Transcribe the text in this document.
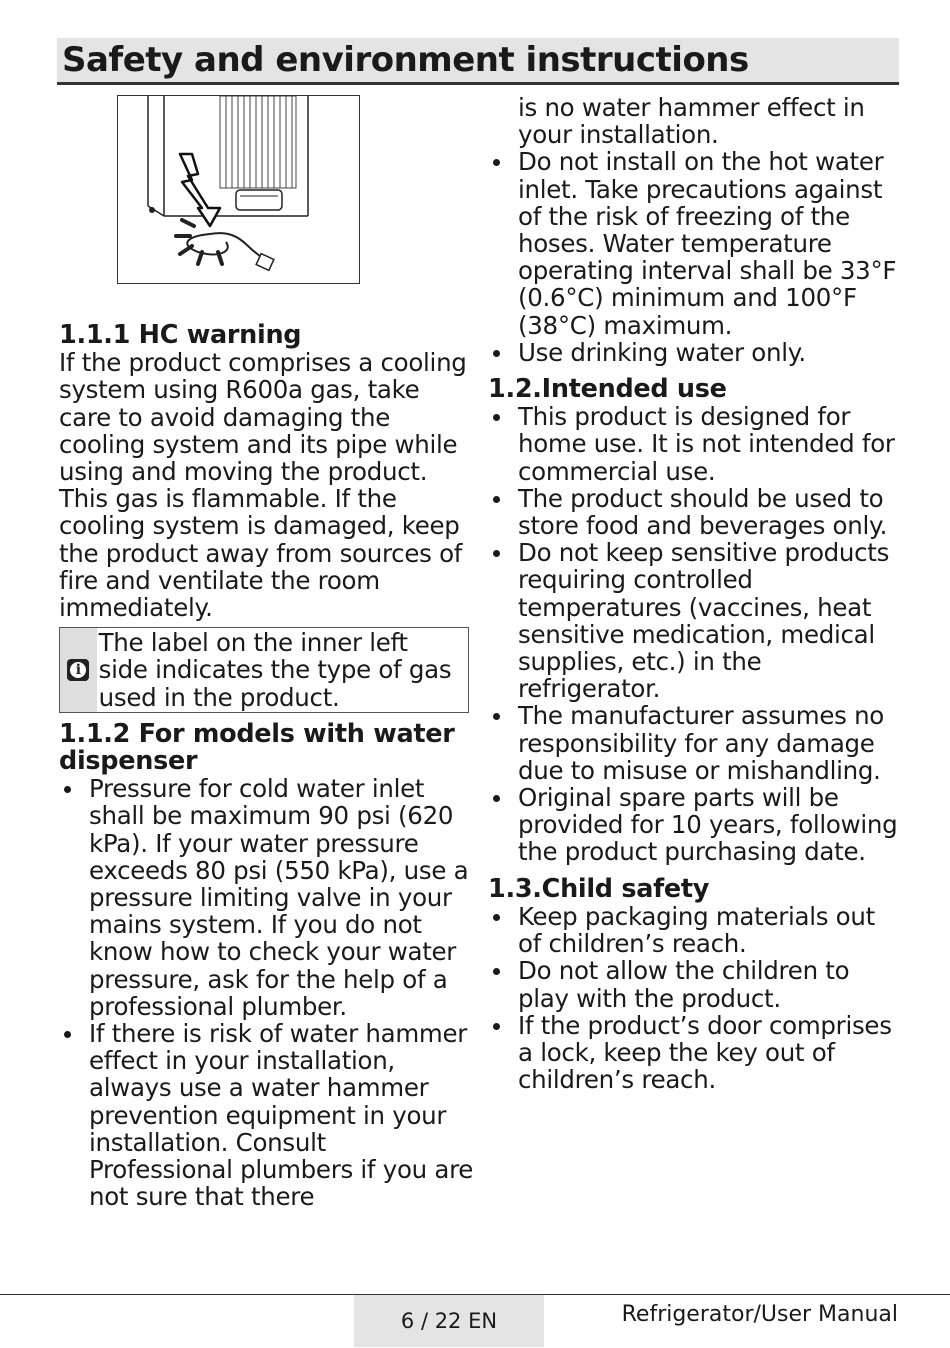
Safety and environment instructions
1.1.1 HC warning

If the product comprises a cooling system using R600a gas, take care to avoid damaging the cooling system and its pipe while using and moving the product. This gas is flammable. If the cooling system is damaged, keep the product away from sources of fire and ventilate the room immediately.

i
The label on the inner left side indicates the type of gas used in the product.
1.1.2 For models with water dispenser
Pressure for cold water inlet shall be maximum 90 psi (620 kPa). If your water pressure exceeds 80 psi (550 kPa), use a pressure limiting valve in your mains system. If you do not know how to check your water pressure, ask for the help of a professional plumber.
If there is risk of water hammer effect in your installation, always use a water hammer prevention equipment in your installation. Consult Professional plumbers if you are not sure that there

is no water hammer effect in your installation.

Do not install on the hot water inlet. Take precautions against of the risk of freezing of the hoses. Water temperature operating interval shall be 33°F (0.6°C) minimum and 100°F (38°C) maximum.
Use drinking water only.
1.2.Intended use
This product is designed for home use. It is not intended for commercial use.
The product should be used to store food and beverages only.
Do not keep sensitive products requiring controlled temperatures (vaccines, heat sensitive medication, medical supplies, etc.) in the refrigerator.
The manufacturer assumes no responsibility for any damage due to misuse or mishandling.
Original spare parts will be provided for 10 years, following the product purchasing date.
1.3.Child safety
Keep packaging materials out of children’s reach.
Do not allow the children to play with the product.
If the product’s door comprises a lock, keep the key out of children’s reach.
6 / 22 EN	Refrigerator/User Manual
